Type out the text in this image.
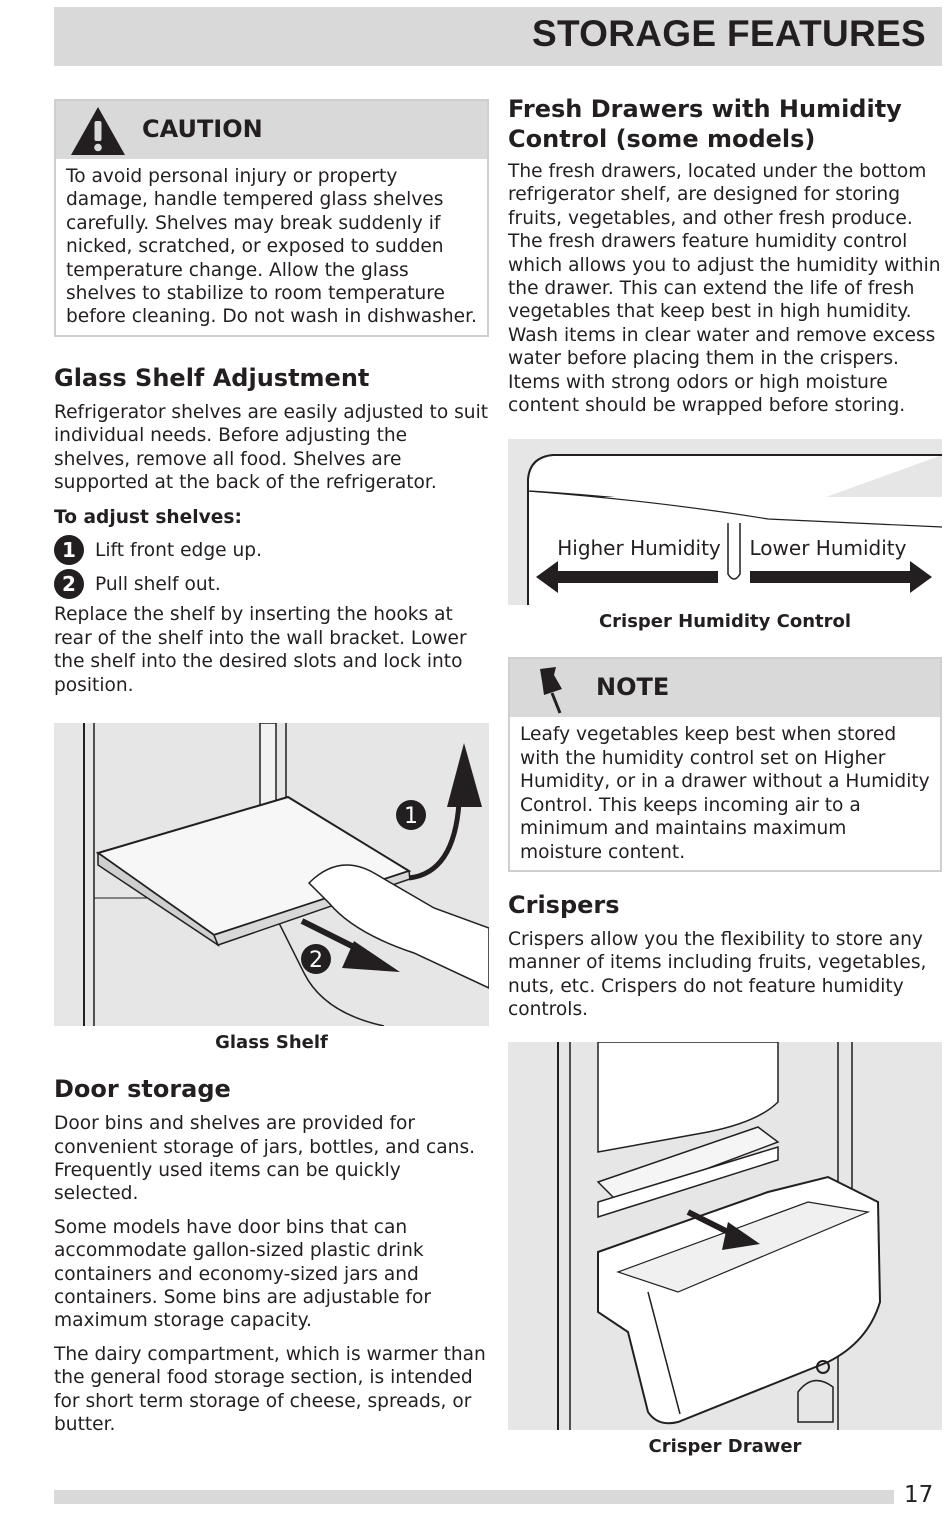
STORAGE FEATURES
CAUTION

To avoid personal injury or property damage, handle tempered glass shelves carefully. Shelves may break suddenly if nicked, scratched, or exposed to sudden temperature change. Allow the glass shelves to stabilize to room temperature before cleaning. Do not wash in dishwasher.

Glass Shelf Adjustment

Refrigerator shelves are easily adjusted to suit individual needs. Before adjusting the shelves, remove all food. Shelves are supported at the back of the refrigerator.

To adjust shelves:

1	Lift front edge up.
2	Pull shelf out.

Replace the shelf by inserting the hooks at rear of the shelf into the wall bracket. Lower the shelf into the desired slots and lock into position.

1
2
Glass Shelf
Door storage

Door bins and shelves are provided for convenient storage of jars, bottles, and cans. Frequently used items can be quickly selected.

Some models have door bins that can accommodate gallon-sized plastic drink containers and economy-sized jars and containers. Some bins are adjustable for maximum storage capacity.

The dairy compartment, which is warmer than the general food storage section, is intended for short term storage of cheese, spreads, or butter.

Fresh Drawers with Humidity Control (some models)

The fresh drawers, located under the bottom refrigerator shelf, are designed for storing fruits, vegetables, and other fresh produce. The fresh drawers feature humidity control which allows you to adjust the humidity within the drawer. This can extend the life of fresh vegetables that keep best in high humidity. Wash items in clear water and remove excess water before placing them in the crispers. Items with strong odors or high moisture content should be wrapped before storing.

Higher Humidity Lower Humidity
Crisper Humidity Control
NOTE

Leafy vegetables keep best when stored with the humidity control set on Higher Humidity, or in a drawer without a Humidity Control. This keeps incoming air to a minimum and maintains maximum moisture content.

Crispers

Crispers allow you the flexibility to store any manner of items including fruits, vegetables, nuts, etc. Crispers do not feature humidity controls.

Crisper Drawer
17
